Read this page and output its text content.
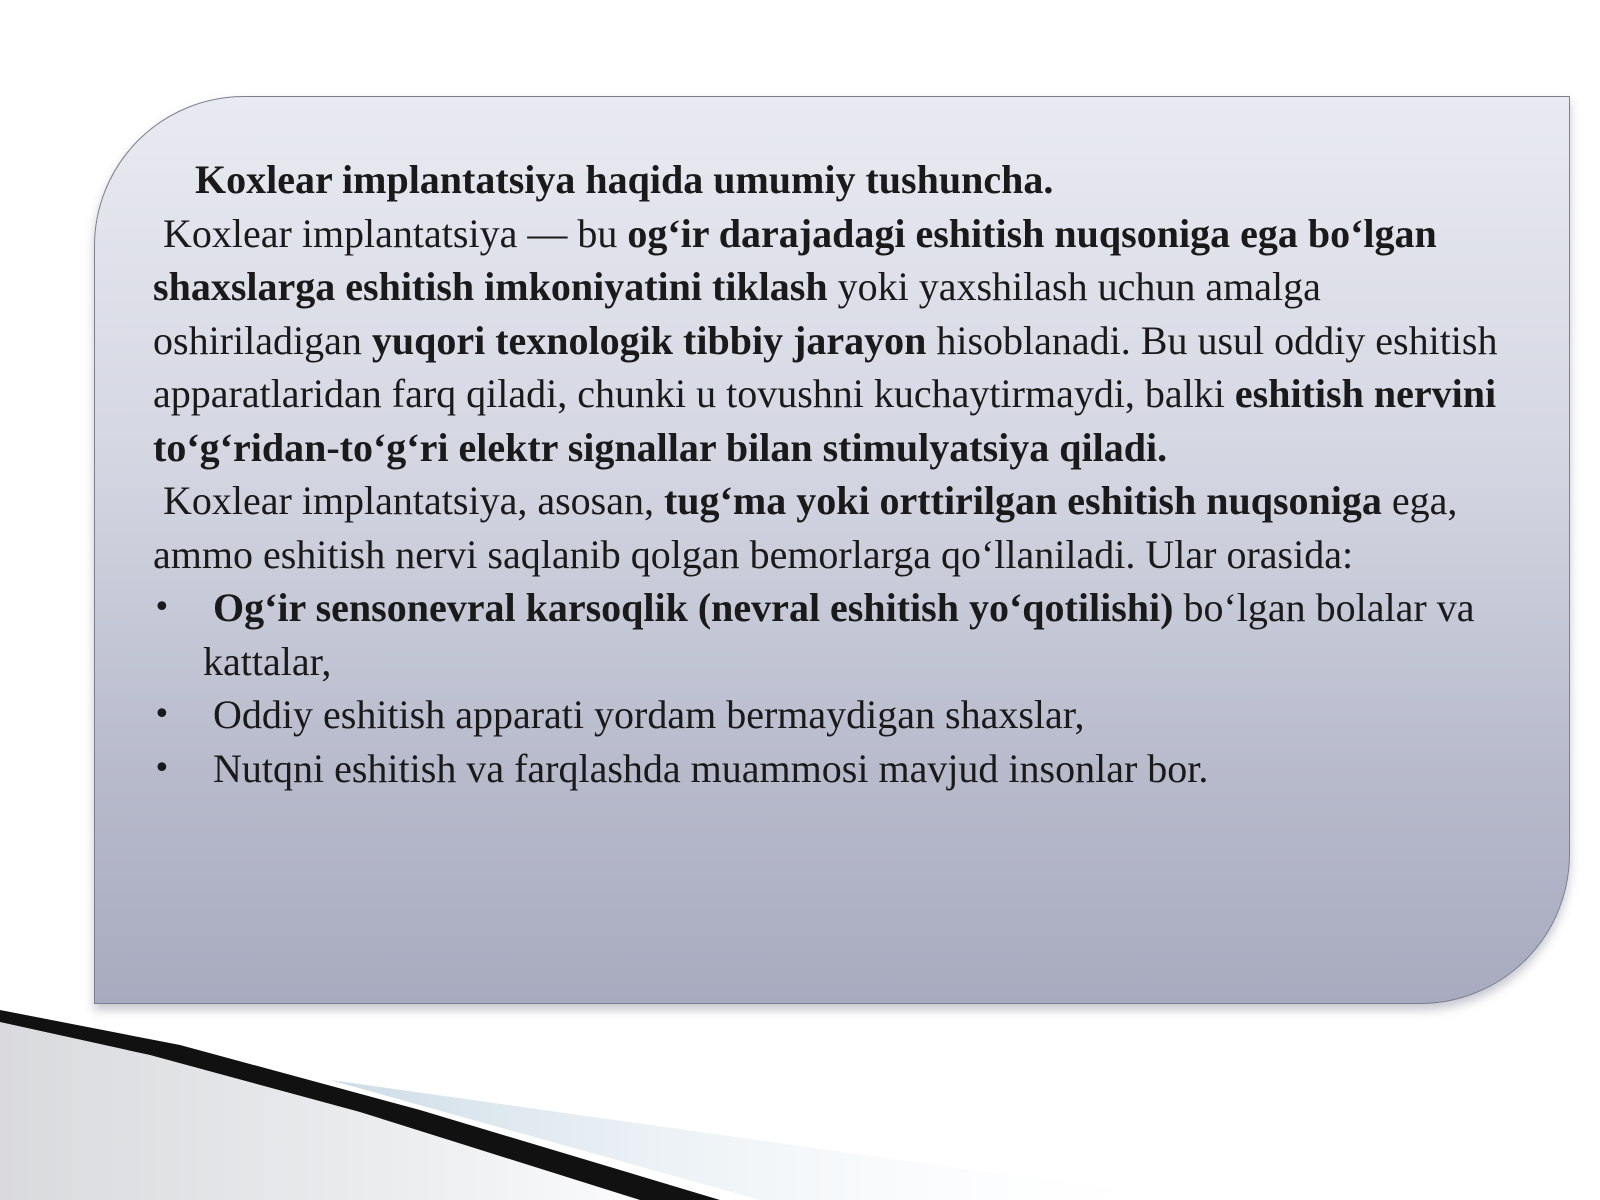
Koxlear implantatsiya haqida umumiy tushuncha.

Koxlear implantatsiya — bu og‘ir darajadagi eshitish nuqsoniga ega bo‘lgan shaxslarga eshitish imkoniyatini tiklash yoki yaxshilash uchun amalga oshiriladigan yuqori texnologik tibbiy jarayon hisoblanadi. Bu usul oddiy eshitish apparatlaridan farq qiladi, chunki u tovushni kuchaytirmaydi, balki eshitish nervini to‘g‘ridan-to‘g‘ri elektr signallar bilan stimulyatsiya qiladi.

Koxlear implantatsiya, asosan, tug‘ma yoki orttirilgan eshitish nuqsoniga ega, ammo eshitish nervi saqlanib qolgan bemorlarga qo‘llaniladi. Ular orasida:

• Og‘ir sensonevral karsoqlik (nevral eshitish yo‘qotilishi) bo‘lgan bolalar va kattalar,
• Oddiy eshitish apparati yordam bermaydigan shaxslar,
• Nutqni eshitish va farqlashda muammosi mavjud insonlar bor.
